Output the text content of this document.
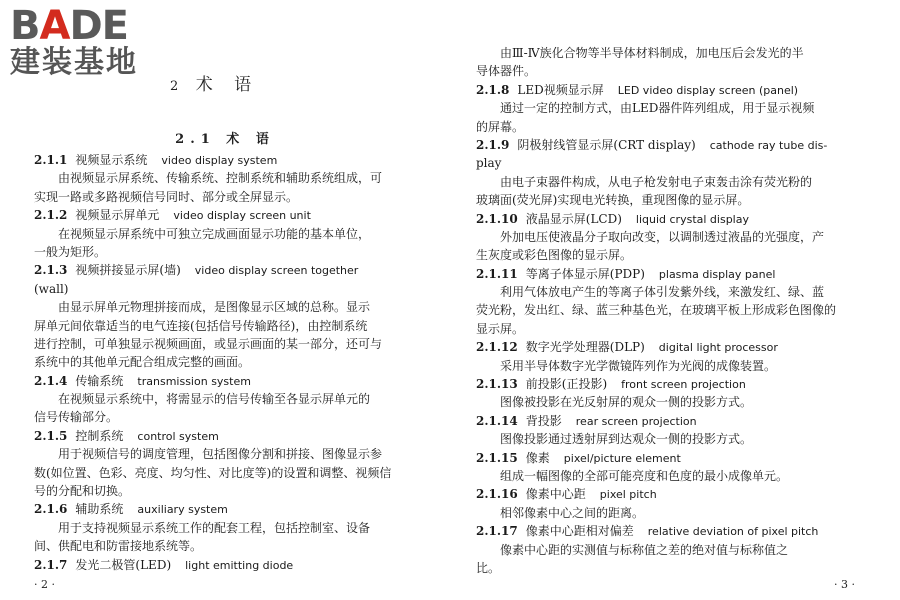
BADE
建装基地
2 术 语
2.1 术 语
2.1.1 视频显示系统 video display system
由视频显示屏系统、传输系统、控制系统和辅助系统组成，可
实现一路或多路视频信号同时、部分或全屏显示。
2.1.2 视频显示屏单元 video display screen unit
在视频显示屏系统中可独立完成画面显示功能的基本单位，
一般为矩形。
2.1.3 视频拼接显示屏(墙) video display screen together
(wall)
由显示屏单元物理拼接而成，是图像显示区域的总称。显示
屏单元间依靠适当的电气连接(包括信号传输路径)，由控制系统
进行控制，可单独显示视频画面，或显示画面的某一部分，还可与
系统中的其他单元配合组成完整的画面。
2.1.4 传输系统 transmission system
在视频显示系统中，将需显示的信号传输至各显示屏单元的
信号传输部分。
2.1.5 控制系统 control system
用于视频信号的调度管理，包括图像分割和拼接、图像显示参
数(如位置、色彩、亮度、均匀性、对比度等)的设置和调整、视频信
号的分配和切换。
2.1.6 辅助系统 auxiliary system
用于支持视频显示系统工作的配套工程，包括控制室、设备
间、供配电和防雷接地系统等。
2.1.7 发光二极管(LED) light emitting diode
· 2 ·
由Ⅲ-Ⅳ族化合物等半导体材料制成，加电压后会发光的半
导体器件。
2.1.8 LED视频显示屏 LED video display screen (panel)
通过一定的控制方式，由LED器件阵列组成，用于显示视频
的屏幕。
2.1.9 阴极射线管显示屏(CRT display) cathode ray tube dis-
play
由电子束器件构成，从电子枪发射电子束轰击涂有荧光粉的
玻璃面(荧光屏)实现电光转换，重现图像的显示屏。
2.1.10 液晶显示屏(LCD) liquid crystal display
外加电压使液晶分子取向改变，以调制透过液晶的光强度，产
生灰度或彩色图像的显示屏。
2.1.11 等离子体显示屏(PDP) plasma display panel
利用气体放电产生的等离子体引发紫外线，来激发红、绿、蓝
荧光粉，发出红、绿、蓝三种基色光，在玻璃平板上形成彩色图像的
显示屏。
2.1.12 数字光学处理器(DLP) digital light processor
采用半导体数字光学微镜阵列作为光阀的成像装置。
2.1.13 前投影(正投影) front screen projection
图像被投影在光反射屏的观众一侧的投影方式。
2.1.14 背投影 rear screen projection
图像投影通过透射屏到达观众一侧的投影方式。
2.1.15 像素 pixel/picture element
组成一幅图像的全部可能亮度和色度的最小成像单元。
2.1.16 像素中心距 pixel pitch
相邻像素中心之间的距离。
2.1.17 像素中心距相对偏差 relative deviation of pixel pitch
像素中心距的实测值与标称值之差的绝对值与标称值之
比。
· 3 ·
